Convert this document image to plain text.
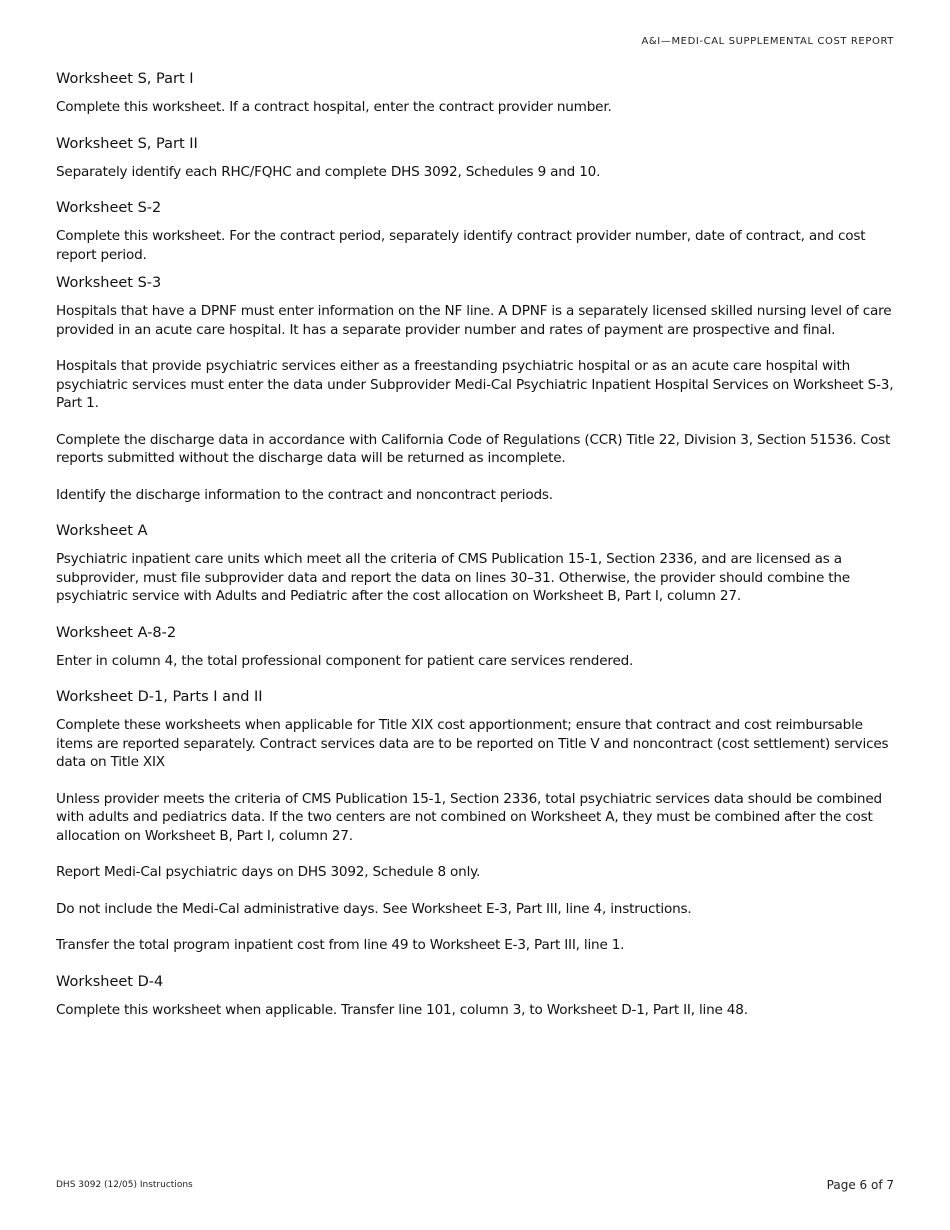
A&I—MEDI-CAL SUPPLEMENTAL COST REPORT
Worksheet S, Part I

Complete this worksheet. If a contract hospital, enter the contract provider number.

Worksheet S, Part II

Separately identify each RHC/FQHC and complete DHS 3092, Schedules 9 and 10.

Worksheet S-2

Complete this worksheet. For the contract period, separately identify contract provider number, date of contract, and cost report period.

Worksheet S-3

Hospitals that have a DPNF must enter information on the NF line. A DPNF is a separately licensed skilled nursing level of care provided in an acute care hospital. It has a separate provider number and rates of payment are prospective and final.

Hospitals that provide psychiatric services either as a freestanding psychiatric hospital or as an acute care hospital with psychiatric services must enter the data under Subprovider Medi-Cal Psychiatric Inpatient Hospital Services on Worksheet S-3, Part 1.

Complete the discharge data in accordance with California Code of Regulations (CCR) Title 22, Division 3, Section 51536. Cost reports submitted without the discharge data will be returned as incomplete.

Identify the discharge information to the contract and noncontract periods.

Worksheet A

Psychiatric inpatient care units which meet all the criteria of CMS Publication 15-1, Section 2336, and are licensed as a subprovider, must file subprovider data and report the data on lines 30–31. Otherwise, the provider should combine the psychiatric service with Adults and Pediatric after the cost allocation on Worksheet B, Part I, column 27.

Worksheet A-8-2

Enter in column 4, the total professional component for patient care services rendered.

Worksheet D-1, Parts I and II

Complete these worksheets when applicable for Title XIX cost apportionment; ensure that contract and cost reimbursable items are reported separately. Contract services data are to be reported on Title V and noncontract (cost settlement) services data on Title XIX

Unless provider meets the criteria of CMS Publication 15-1, Section 2336, total psychiatric services data should be combined with adults and pediatrics data. If the two centers are not combined on Worksheet A, they must be combined after the cost allocation on Worksheet B, Part I, column 27.

Report Medi-Cal psychiatric days on DHS 3092, Schedule 8 only.

Do not include the Medi-Cal administrative days. See Worksheet E-3, Part III, line 4, instructions.

Transfer the total program inpatient cost from line 49 to Worksheet E-3, Part III, line 1.

Worksheet D-4

Complete this worksheet when applicable. Transfer line 101, column 3, to Worksheet D-1, Part II, line 48.

DHS 3092 (12/05) Instructions	Page 6 of 7
